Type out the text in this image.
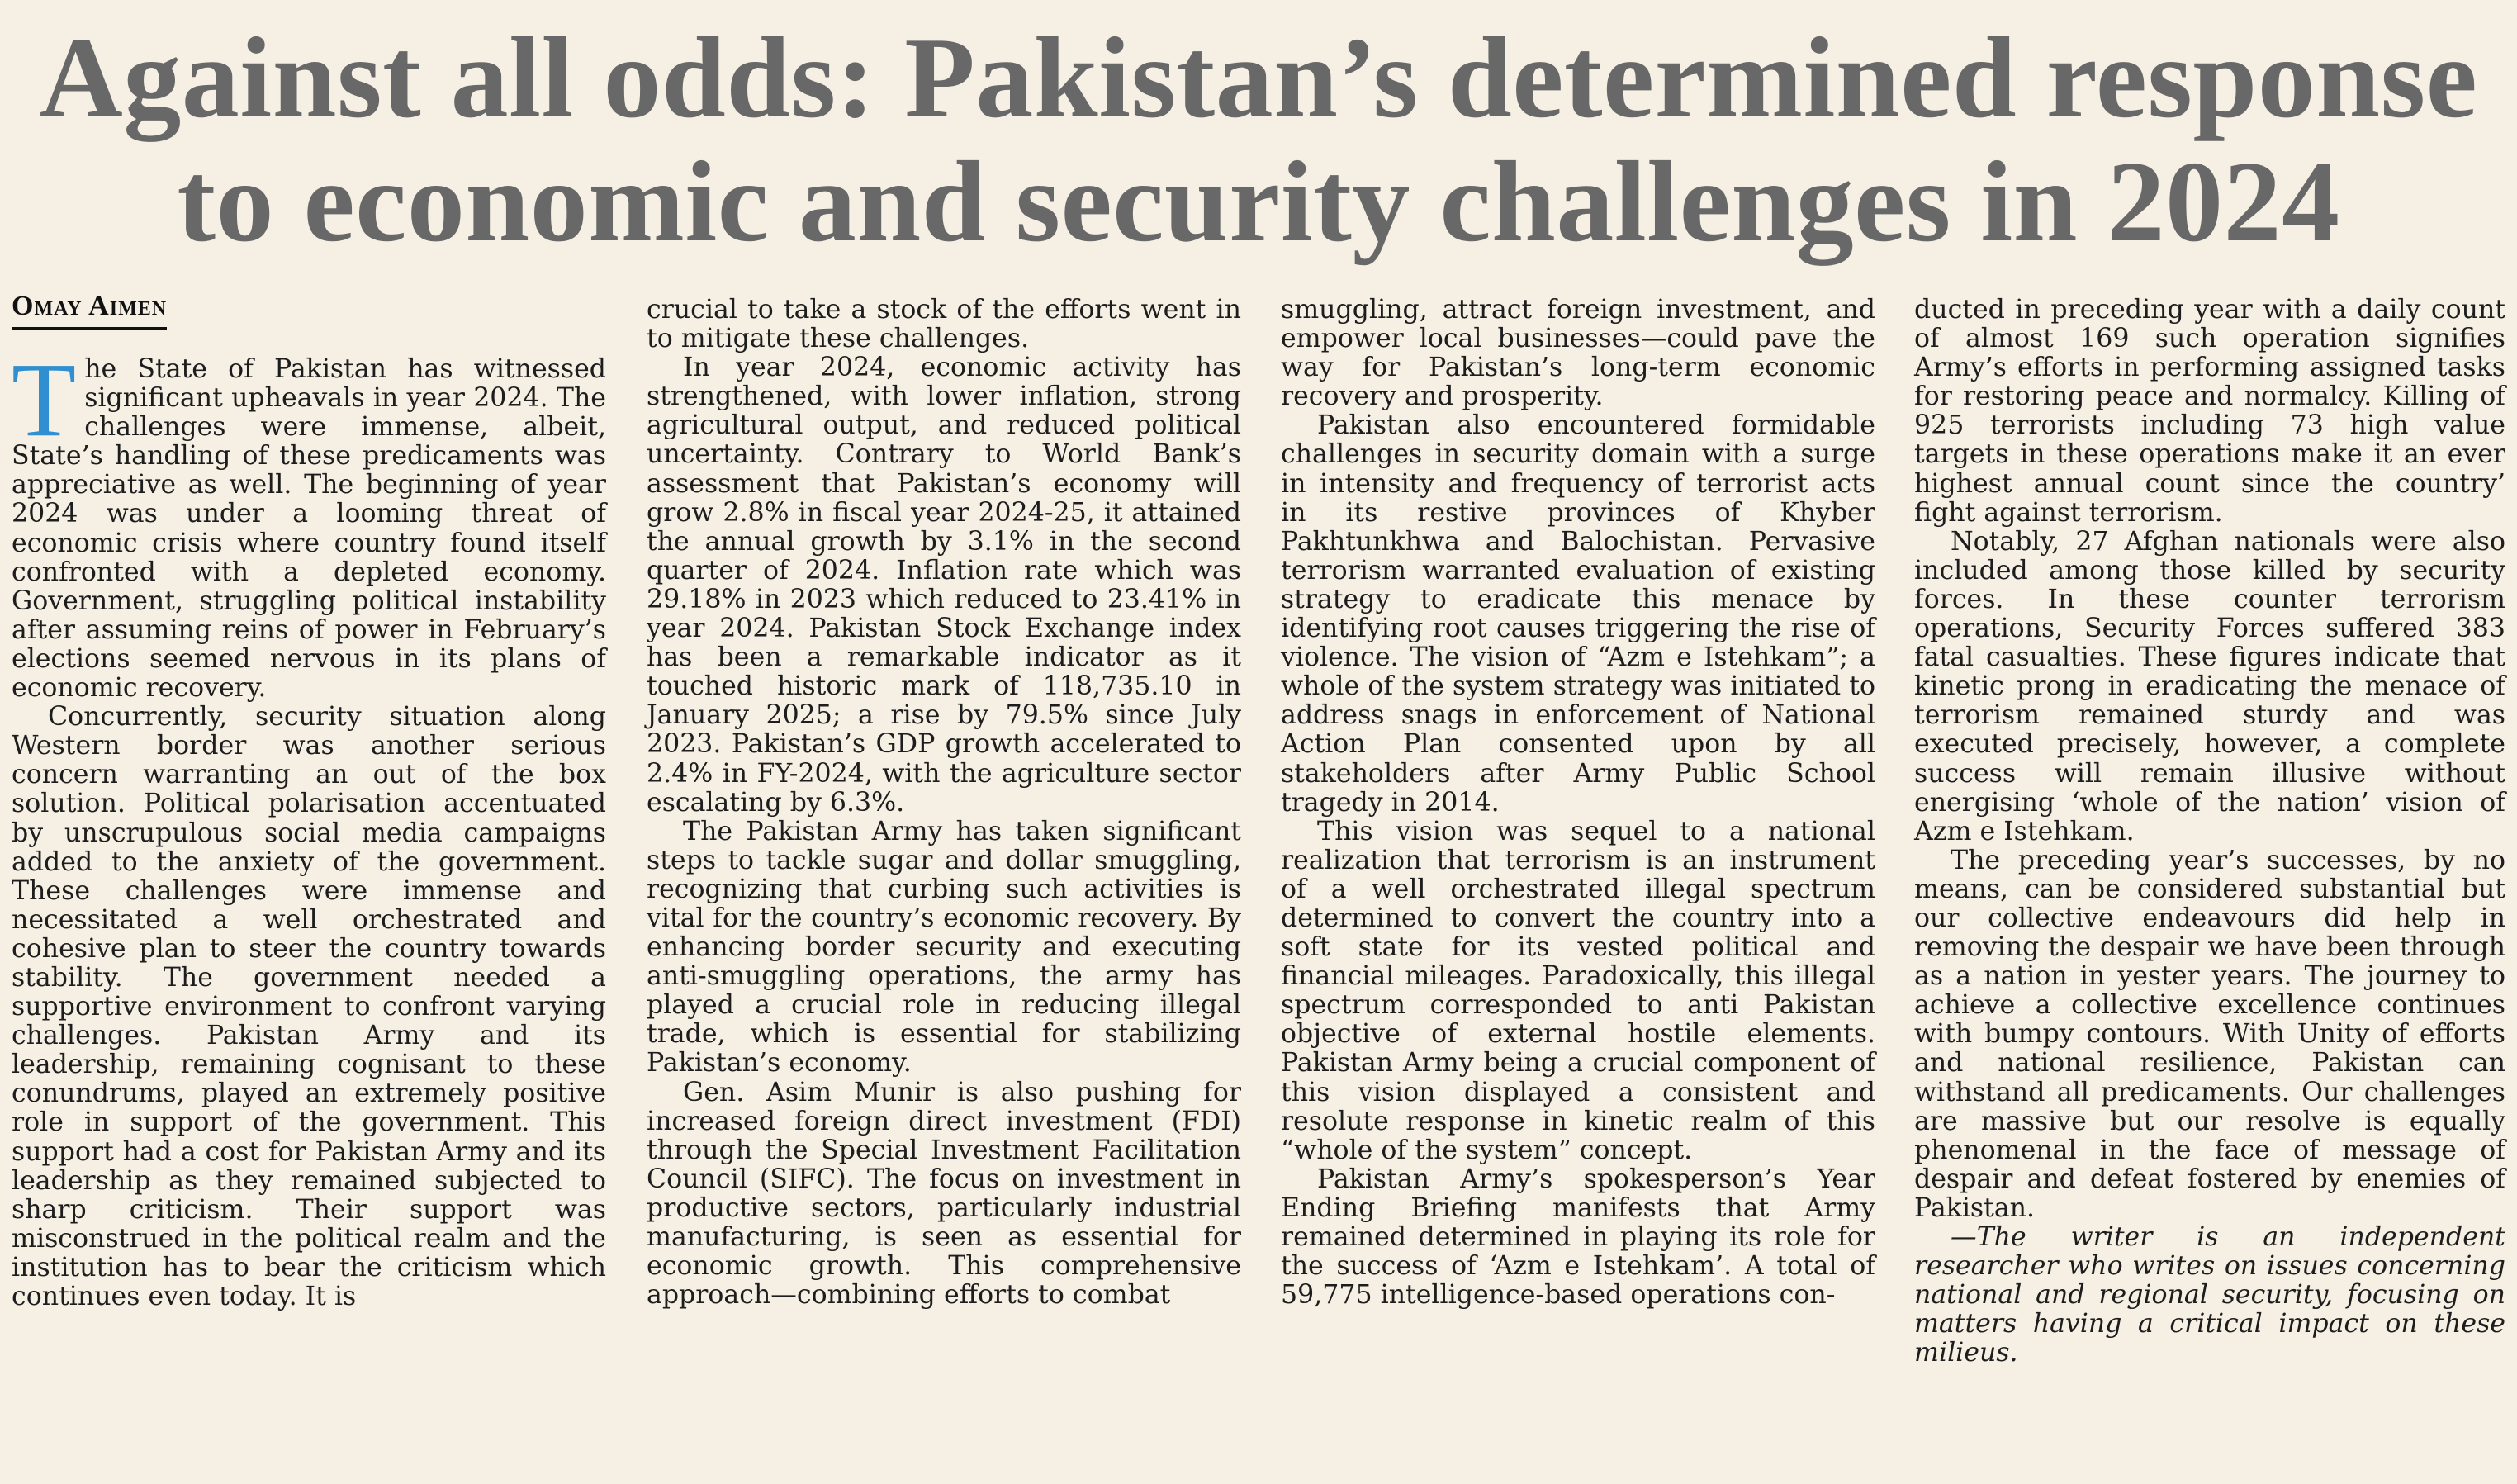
Against all odds: Pakistan’s determined response
to economic and security challenges in 2024
Omay Aimen

The State of Pakistan has witnessed significant upheavals in year 2024. The challenges were immense, albeit, State’s handling of these predicaments was appreciative as well. The beginning of year 2024 was under a looming threat of economic crisis where country found itself confronted with a depleted economy. Government, struggling political instability after assuming reins of power in February’s elections seemed nervous in its plans of economic recovery.

Concurrently, security situation along Western border was another serious concern warranting an out of the box solution. Political polarisation accentuated by unscrupulous social media campaigns added to the anxiety of the government. These challenges were immense and necessitated a well orchestrated and cohesive plan to steer the country towards stability. The government needed a supportive environment to confront varying challenges. Pakistan Army and its leadership, remaining cognisant to these conundrums, played an extremely positive role in support of the government. This support had a cost for Pakistan Army and its leadership as they remained subjected to sharp criticism. Their support was misconstrued in the political realm and the institution has to bear the criticism which continues even today. It is

crucial to take a stock of the efforts went in to mitigate these challenges.

In year 2024, economic activity has strengthened, with lower inflation, strong agricultural output, and reduced political uncertainty. Contrary to World Bank’s assessment that Pakistan’s economy will grow 2.8% in fiscal year 2024-25, it attained the annual growth by 3.1% in the second quarter of 2024. Inflation rate which was 29.18% in 2023 which reduced to 23.41% in year 2024. Pakistan Stock Exchange index has been a remarkable indicator as it touched historic mark of 118,735.10 in January 2025; a rise by 79.5% since July 2023. Pakistan’s GDP growth accelerated to 2.4% in FY-2024, with the agriculture sector escalating by 6.3%.

The Pakistan Army has taken significant steps to tackle sugar and dollar smuggling, recognizing that curbing such activities is vital for the country’s economic recovery. By enhancing border security and executing anti-smuggling operations, the army has played a crucial role in reducing illegal trade, which is essential for stabilizing Pakistan’s economy.

Gen. Asim Munir is also pushing for increased foreign direct investment (FDI) through the Special Investment Facilitation Council (SIFC). The focus on investment in productive sectors, particularly industrial manufacturing, is seen as essential for economic growth. This comprehensive approach—combining efforts to combat

smuggling, attract foreign investment, and empower local businesses—could pave the way for Pakistan’s long-term economic recovery and prosperity.

Pakistan also encountered formidable challenges in security domain with a surge in intensity and frequency of terrorist acts in its restive provinces of Khyber Pakhtunkhwa and Balochistan. Pervasive terrorism warranted evaluation of existing strategy to eradicate this menace by identifying root causes triggering the rise of violence. The vision of “Azm e Istehkam”; a whole of the system strategy was initiated to address snags in enforcement of National Action Plan consented upon by all stakeholders after Army Public School tragedy in 2014.

This vision was sequel to a national realization that terrorism is an instrument of a well orchestrated illegal spectrum determined to convert the country into a soft state for its vested political and financial mileages. Paradoxically, this illegal spectrum corresponded to anti Pakistan objective of external hostile elements. Pakistan Army being a crucial component of this vision displayed a consistent and resolute response in kinetic realm of this “whole of the system” concept.

Pakistan Army’s spokesperson’s Year Ending Briefing manifests that Army remained determined in playing its role for the success of ‘Azm e Istehkam’. A total of 59,775 intelligence-based operations con-

ducted in preceding year with a daily count of almost 169 such operation signifies Army’s efforts in performing assigned tasks for restoring peace and normalcy. Killing of 925 terrorists including 73 high value targets in these operations make it an ever highest annual count since the country’ fight against terrorism.

Notably, 27 Afghan nationals were also included among those killed by security forces. In these counter terrorism operations, Security Forces suffered 383 fatal casualties. These figures indicate that kinetic prong in eradicating the menace of terrorism remained sturdy and was executed precisely, however, a complete success will remain illusive without energising ‘whole of the nation’ vision of Azm e Istehkam.

The preceding year’s successes, by no means, can be considered substantial but our collective endeavours did help in removing the despair we have been through as a nation in yester years. The journey to achieve a collective excellence continues with bumpy contours. With Unity of efforts and national resilience, Pakistan can withstand all predicaments. Our challenges are massive but our resolve is equally phenomenal in the face of message of despair and defeat fostered by enemies of Pakistan.

—The writer is an independent researcher who writes on issues concerning national and regional security, focusing on matters having a critical impact on these milieus.
